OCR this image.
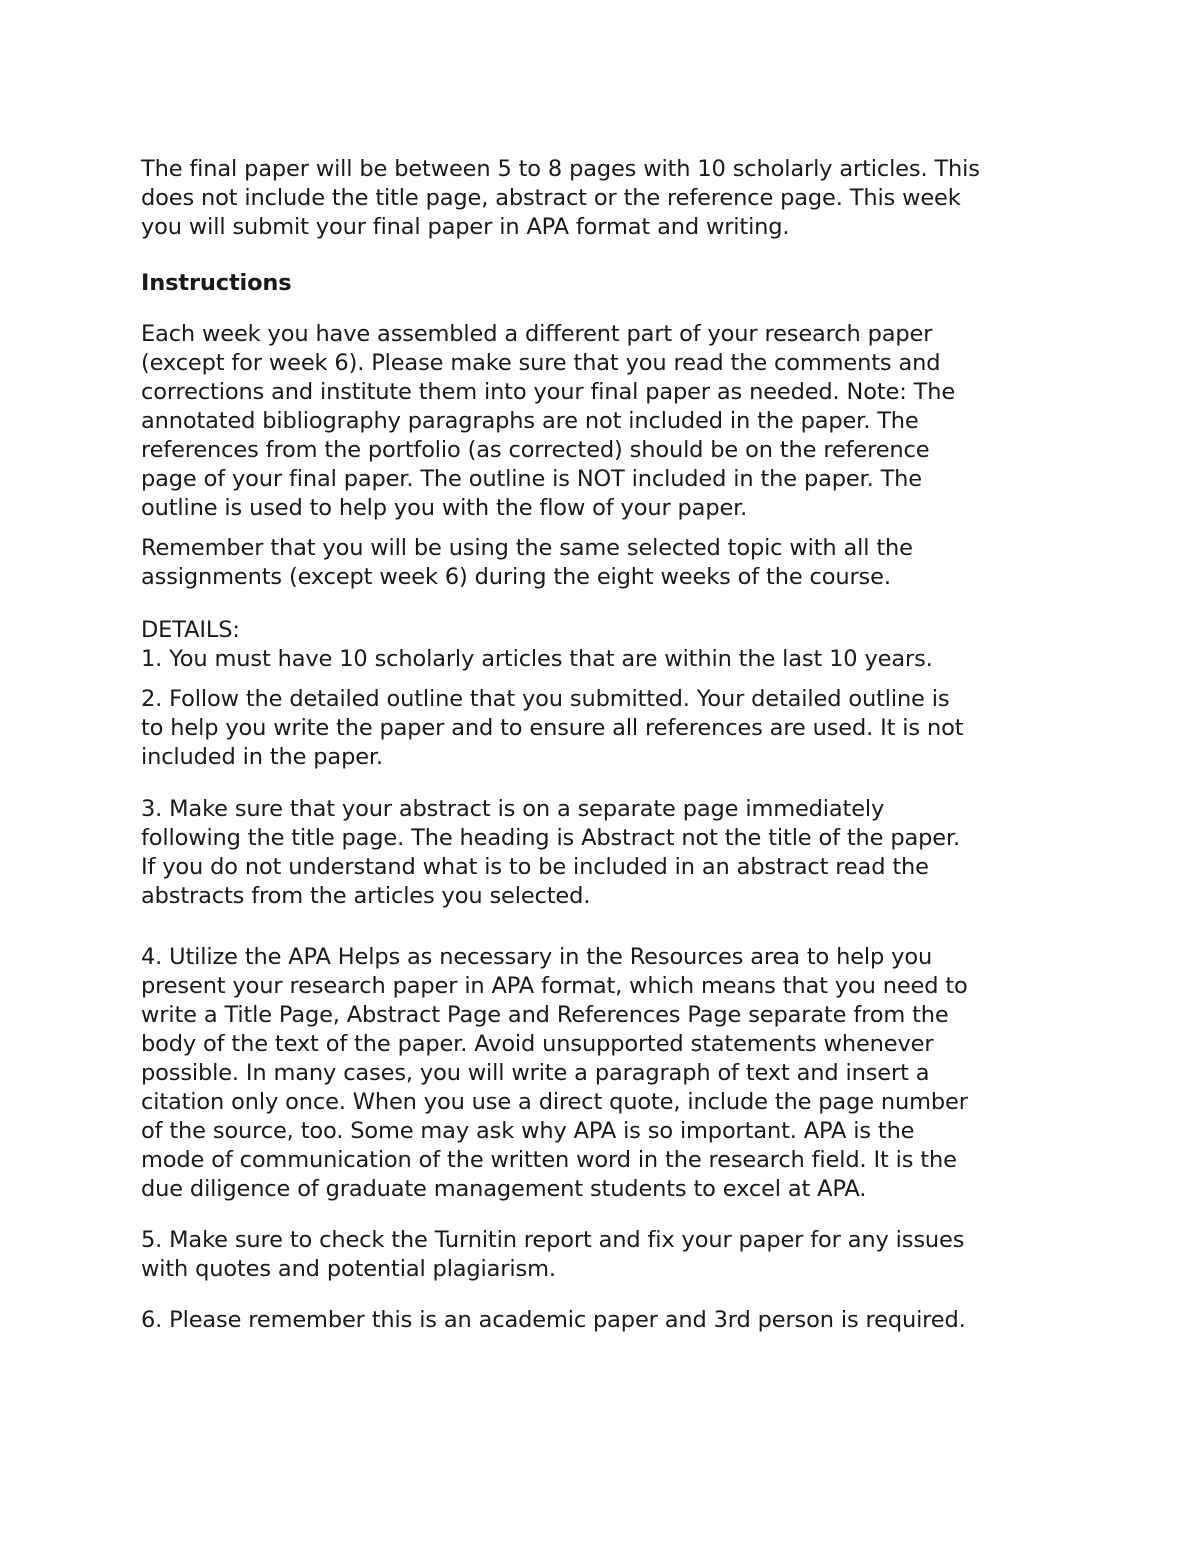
The final paper will be between 5 to 8 pages with 10 scholarly articles. This
does not include the title page, abstract or the reference page. This week
you will submit your final paper in APA format and writing.

Instructions

Each week you have assembled a different part of your research paper
(except for week 6). Please make sure that you read the comments and
corrections and institute them into your final paper as needed. Note: The
annotated bibliography paragraphs are not included in the paper. The
references from the portfolio (as corrected) should be on the reference
page of your final paper. The outline is NOT included in the paper. The
outline is used to help you with the flow of your paper.

Remember that you will be using the same selected topic with all the
assignments (except week 6) during the eight weeks of the course.

DETAILS:

1. You must have 10 scholarly articles that are within the last 10 years.

2. Follow the detailed outline that you submitted. Your detailed outline is
to help you write the paper and to ensure all references are used. It is not
included in the paper.

3. Make sure that your abstract is on a separate page immediately
following the title page. The heading is Abstract not the title of the paper.
If you do not understand what is to be included in an abstract read the
abstracts from the articles you selected.

4. Utilize the APA Helps as necessary in the Resources area to help you
present your research paper in APA format, which means that you need to
write a Title Page, Abstract Page and References Page separate from the
body of the text of the paper. Avoid unsupported statements whenever
possible. In many cases, you will write a paragraph of text and insert a
citation only once. When you use a direct quote, include the page number
of the source, too. Some may ask why APA is so important. APA is the
mode of communication of the written word in the research field. It is the
due diligence of graduate management students to excel at APA.

5. Make sure to check the Turnitin report and fix your paper for any issues
with quotes and potential plagiarism.

6. Please remember this is an academic paper and 3rd person is required.
